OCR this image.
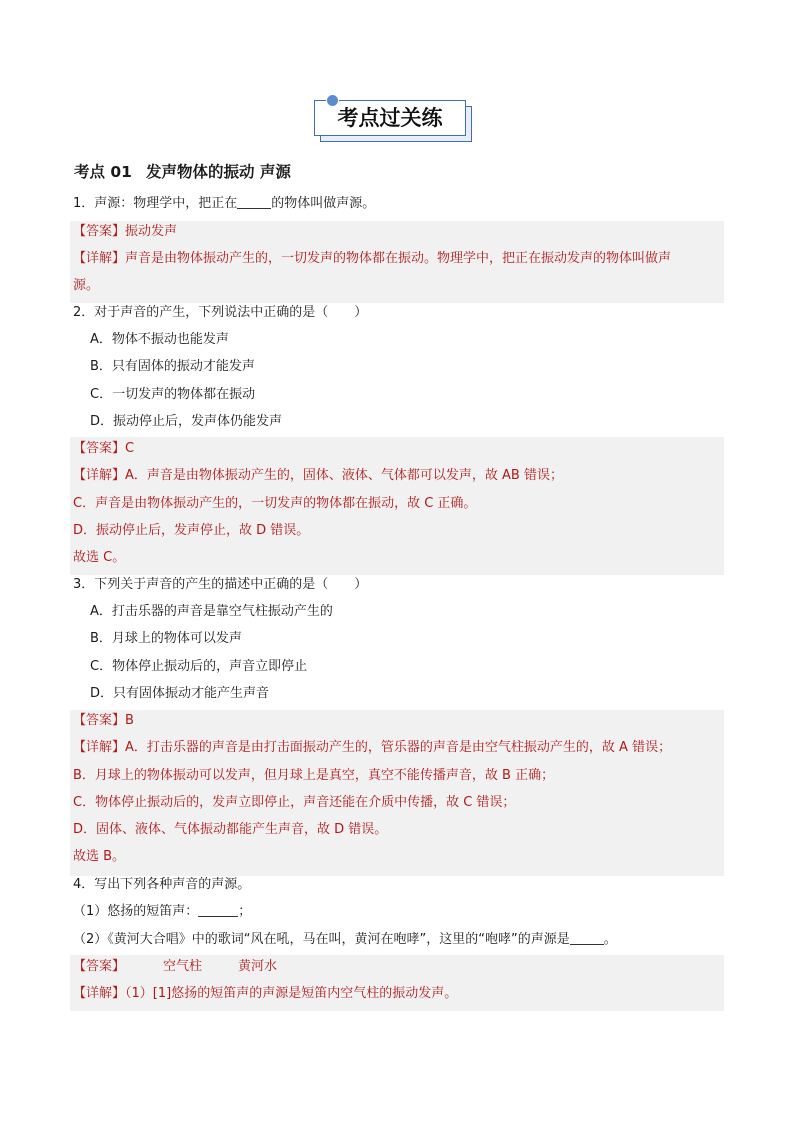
考点过关练
考点 01 发声物体的振动 声源
1．声源：物理学中，把正在	的物体叫做声源。
【答案】振动发声
【详解】声音是由物体振动产生的，一切发声的物体都在振动。物理学中，把正在振动发声的物体叫做声
源。
2．对于声音的产生，下列说法中正确的是（　　）
A．物体不振动也能发声
B．只有固体的振动才能发声
C．一切发声的物体都在振动
D．振动停止后，发声体仍能发声
【答案】C
【详解】A．声音是由物体振动产生的，固体、液体、气体都可以发声，故 AB 错误；
C．声音是由物体振动产生的，一切发声的物体都在振动，故 C 正确。
D．振动停止后，发声停止，故 D 错误。
故选 C。
3．下列关于声音的产生的描述中正确的是（　　）
A．打击乐器的声音是靠空气柱振动产生的
B．月球上的物体可以发声
C．物体停止振动后的，声音立即停止
D．只有固体振动才能产生声音
【答案】B
【详解】A．打击乐器的声音是由打击面振动产生的，管乐器的声音是由空气柱振动产生的，故 A 错误；
B．月球上的物体振动可以发声，但月球上是真空，真空不能传播声音，故 B 正确；
C．物体停止振动后的，发声立即停止，声音还能在介质中传播，故 C 错误；
D．固体、液体、气体振动都能产生声音，故 D 错误。
故选 B。
4．写出下列各种声音的声源。
（1）悠扬的短笛声：	；
（2）《黄河大合唱》中的歌词“风在吼，马在叫，黄河在咆哮”，这里的“咆哮”的声源是	。
【答案】	空气柱	黄河水
【详解】（1）[1]悠扬的短笛声的声源是短笛内空气柱的振动发声。
